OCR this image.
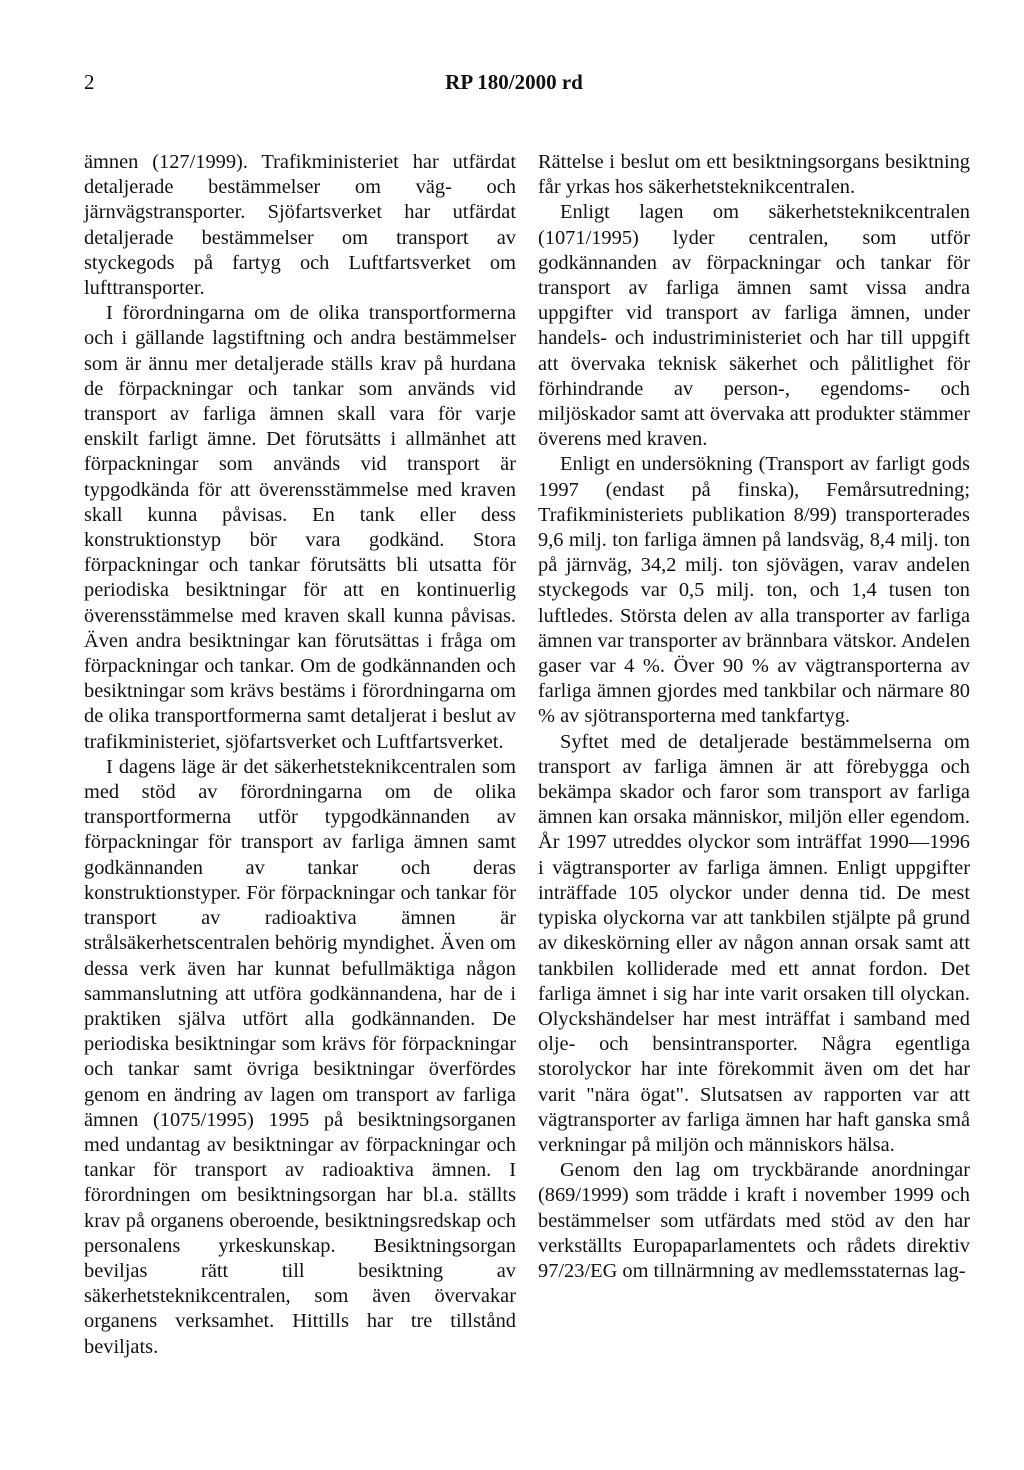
2	RP 180/2000 rd

ämnen (127/1999). Trafikministeriet har utfärdat detaljerade bestämmelser om väg- och järnvägstransporter. Sjöfartsverket har utfärdat detaljerade bestämmelser om transport av styckegods på fartyg och Luftfartsverket om lufttransporter.

I förordningarna om de olika transportformerna och i gällande lagstiftning och andra bestämmelser som är ännu mer detaljerade ställs krav på hurdana de förpackningar och tankar som används vid transport av farliga ämnen skall vara för varje enskilt farligt ämne. Det förutsätts i allmänhet att förpackningar som används vid transport är typgodkända för att överensstämmelse med kraven skall kunna påvisas. En tank eller dess konstruktionstyp bör vara godkänd. Stora förpackningar och tankar förutsätts bli utsatta för periodiska besiktningar för att en kontinuerlig överensstämmelse med kraven skall kunna påvisas. Även andra besiktningar kan förutsättas i fråga om förpackningar och tankar. Om de godkännanden och besiktningar som krävs bestäms i förordningarna om de olika transportformerna samt detaljerat i beslut av trafikministeriet, sjöfartsverket och Luftfartsverket.

I dagens läge är det säkerhetsteknikcentralen som med stöd av förordningarna om de olika transportformerna utför typgodkännanden av förpackningar för transport av farliga ämnen samt godkännanden av tankar och deras konstruktionstyper. För förpackningar och tankar för transport av radioaktiva ämnen är strålsäkerhetscentralen behörig myndighet. Även om dessa verk även har kunnat befullmäktiga någon sammanslutning att utföra godkännandena, har de i praktiken själva utfört alla godkännanden. De periodiska besiktningar som krävs för förpackningar och tankar samt övriga besiktningar överfördes genom en ändring av lagen om transport av farliga ämnen (1075/1995) 1995 på besiktningsorganen med undantag av besiktningar av förpackningar och tankar för transport av radioaktiva ämnen. I förordningen om besiktningsorgan har bl.a. ställts krav på organens oberoende, besiktningsredskap och personalens yrkeskunskap. Besiktningsorgan beviljas rätt till besiktning av säkerhetsteknikcentralen, som även övervakar organens verksamhet. Hittills har tre tillstånd beviljats.

Rättelse i beslut om ett besiktningsorgans besiktning får yrkas hos säkerhetsteknikcentralen.

Enligt lagen om säkerhetsteknikcentralen (1071/1995) lyder centralen, som utför godkännanden av förpackningar och tankar för transport av farliga ämnen samt vissa andra uppgifter vid transport av farliga ämnen, under handels- och industriministeriet och har till uppgift att övervaka teknisk säkerhet och pålitlighet för förhindrande av person-, egendoms- och miljöskador samt att övervaka att produkter stämmer överens med kraven.

Enligt en undersökning (Transport av farligt gods 1997 (endast på finska), Femårsutredning; Trafikministeriets publikation 8/99) transporterades 9,6 milj. ton farliga ämnen på landsväg, 8,4 milj. ton på järnväg, 34,2 milj. ton sjövägen, varav andelen styckegods var 0,5 milj. ton, och 1,4 tusen ton luftledes. Största delen av alla transporter av farliga ämnen var transporter av brännbara vätskor. Andelen gaser var 4 %. Över 90 % av vägtransporterna av farliga ämnen gjordes med tankbilar och närmare 80 % av sjötransporterna med tankfartyg.

Syftet med de detaljerade bestämmelserna om transport av farliga ämnen är att förebygga och bekämpa skador och faror som transport av farliga ämnen kan orsaka människor, miljön eller egendom. År 1997 utreddes olyckor som inträffat 1990—1996 i vägtransporter av farliga ämnen. Enligt uppgifter inträffade 105 olyckor under denna tid. De mest typiska olyckorna var att tankbilen stjälpte på grund av dikeskörning eller av någon annan orsak samt att tankbilen kolliderade med ett annat fordon. Det farliga ämnet i sig har inte varit orsaken till olyckan. Olyckshändelser har mest inträffat i samband med olje- och bensintransporter. Några egentliga storolyckor har inte förekommit även om det har varit "nära ögat". Slutsatsen av rapporten var att vägtransporter av farliga ämnen har haft ganska små verkningar på miljön och människors hälsa.

Genom den lag om tryckbärande anordningar (869/1999) som trädde i kraft i november 1999 och bestämmelser som utfärdats med stöd av den har verkställts Europaparlamentets och rådets direktiv 97/23/EG om tillnärmning av medlemsstaternas lag-
